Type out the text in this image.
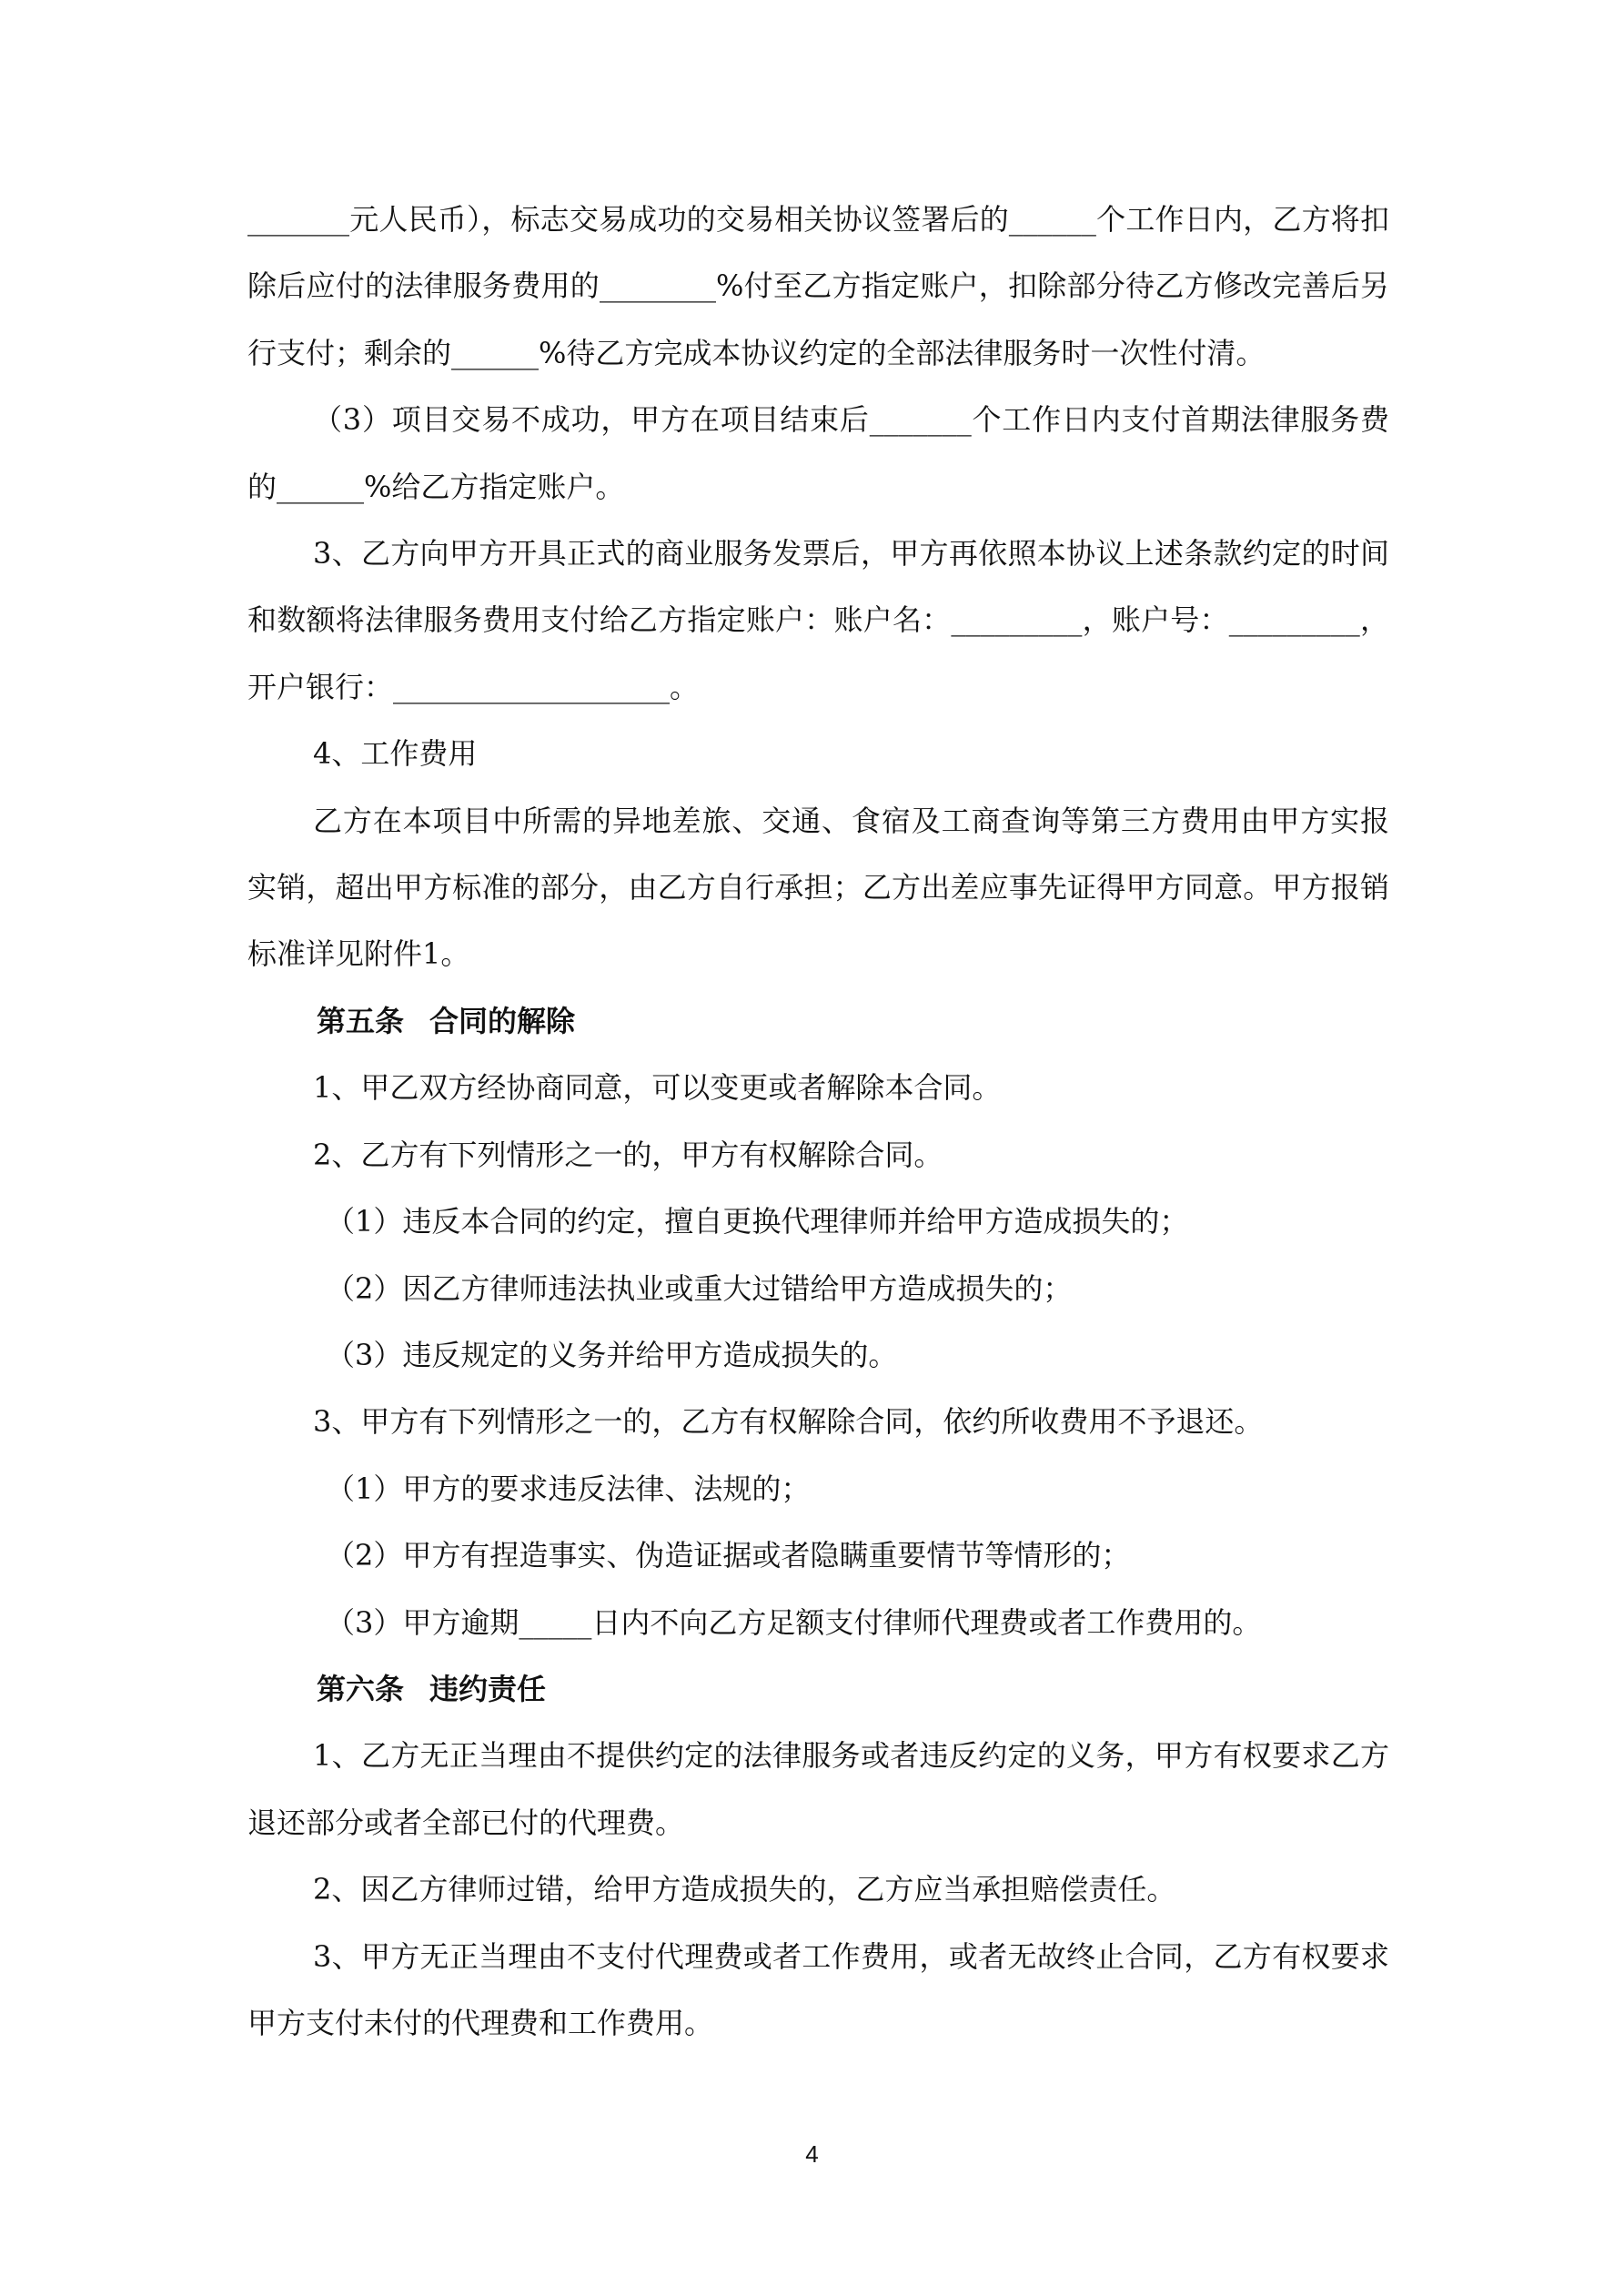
_______元人民币），标志交易成功的交易相关协议签署后的______个工作日内，乙方将扣除后应付的法律服务费用的________%付至乙方指定账户，扣除部分待乙方修改完善后另行支付；剩余的______%待乙方完成本协议约定的全部法律服务时一次性付清。

（3）项目交易不成功，甲方在项目结束后_______个工作日内支付首期法律服务费的______%给乙方指定账户。

3、乙方向甲方开具正式的商业服务发票后，甲方再依照本协议上述条款约定的时间和数额将法律服务费用支付给乙方指定账户：账户名：_________，账户号：_________，开户银行：___________________。

4、工作费用

乙方在本项目中所需的异地差旅、交通、食宿及工商查询等第三方费用由甲方实报实销，超出甲方标准的部分，由乙方自行承担；乙方出差应事先证得甲方同意。甲方报销标准详见附件1。

第五条 合同的解除

1、甲乙双方经协商同意，可以变更或者解除本合同。

2、乙方有下列情形之一的，甲方有权解除合同。

（1）违反本合同的约定，擅自更换代理律师并给甲方造成损失的；

（2）因乙方律师违法执业或重大过错给甲方造成损失的；

（3）违反规定的义务并给甲方造成损失的。

3、甲方有下列情形之一的，乙方有权解除合同，依约所收费用不予退还。

（1）甲方的要求违反法律、法规的；

（2）甲方有捏造事实、伪造证据或者隐瞒重要情节等情形的；

（3）甲方逾期_____日内不向乙方足额支付律师代理费或者工作费用的。

第六条 违约责任

1、乙方无正当理由不提供约定的法律服务或者违反约定的义务，甲方有权要求乙方退还部分或者全部已付的代理费。

2、因乙方律师过错，给甲方造成损失的，乙方应当承担赔偿责任。

3、甲方无正当理由不支付代理费或者工作费用，或者无故终止合同，乙方有权要求甲方支付未付的代理费和工作费用。

4
